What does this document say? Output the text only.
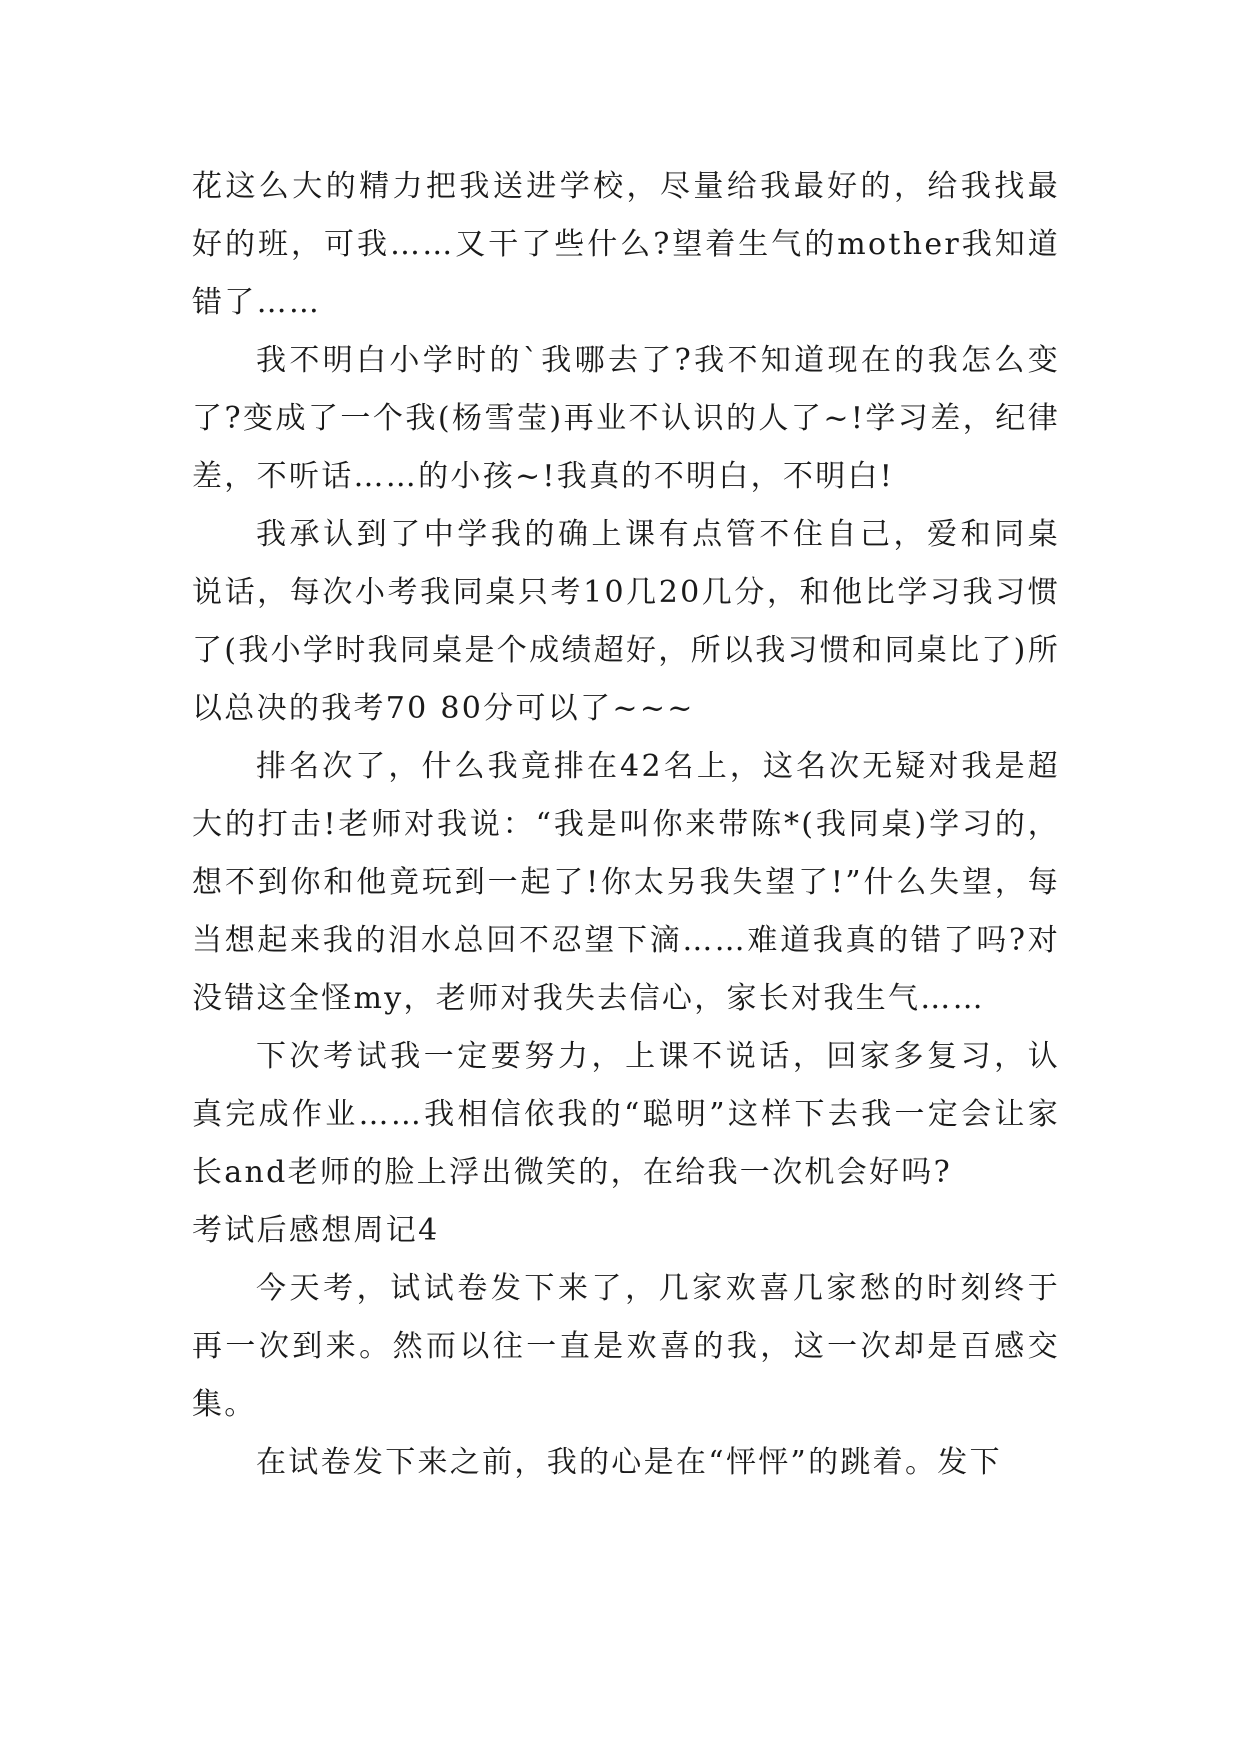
花这么大的精力把我送进学校，尽量给我最好的，给我找最好的班，可我……又干了些什么?望着生气的mother我知道错了……

我不明白小学时的`我哪去了?我不知道现在的我怎么变了?变成了一个我(杨雪莹)再业不认识的人了~!学习差，纪律差，不听话……的小孩~!我真的不明白，不明白!

我承认到了中学我的确上课有点管不住自己，爱和同桌说话，每次小考我同桌只考10几20几分，和他比学习我习惯了(我小学时我同桌是个成绩超好，所以我习惯和同桌比了)所以总决的我考70 80分可以了~~~

排名次了，什么我竟排在42名上，这名次无疑对我是超大的打击!老师对我说：“我是叫你来带陈*(我同桌)学习的，想不到你和他竟玩到一起了!你太另我失望了!”什么失望，每当想起来我的泪水总回不忍望下滴……难道我真的错了吗?对没错这全怪my，老师对我失去信心，家长对我生气……

下次考试我一定要努力，上课不说话，回家多复习，认真完成作业……我相信依我的“聪明”这样下去我一定会让家长and老师的脸上浮出微笑的，在给我一次机会好吗?

考试后感想周记4

今天考，试试卷发下来了，几家欢喜几家愁的时刻终于再一次到来。然而以往一直是欢喜的我，这一次却是百感交集。

在试卷发下来之前，我的心是在“怦怦”的跳着。发下
